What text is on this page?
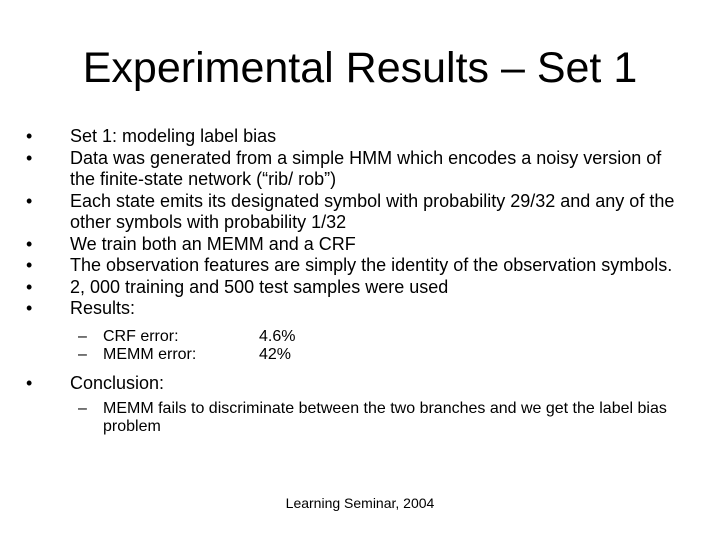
Experimental Results – Set 1
•	Set 1: modeling label bias
•	Data was generated from a simple HMM which encodes a noisy version of the finite-state network (“rib/ rob”)
•	Each state emits its designated symbol with probability 29/32 and any of the other symbols with probability 1/32
•	We train both an MEMM and a CRF
•	The observation features are simply the identity of the observation symbols.
•	2, 000 training and 500 test samples were used
•	Results:
– CRF error:	4.6%
– MEMM error:	42%
•	Conclusion:
– MEMM fails to discriminate between the two branches and we get the label bias problem
Learning Seminar, 2004
